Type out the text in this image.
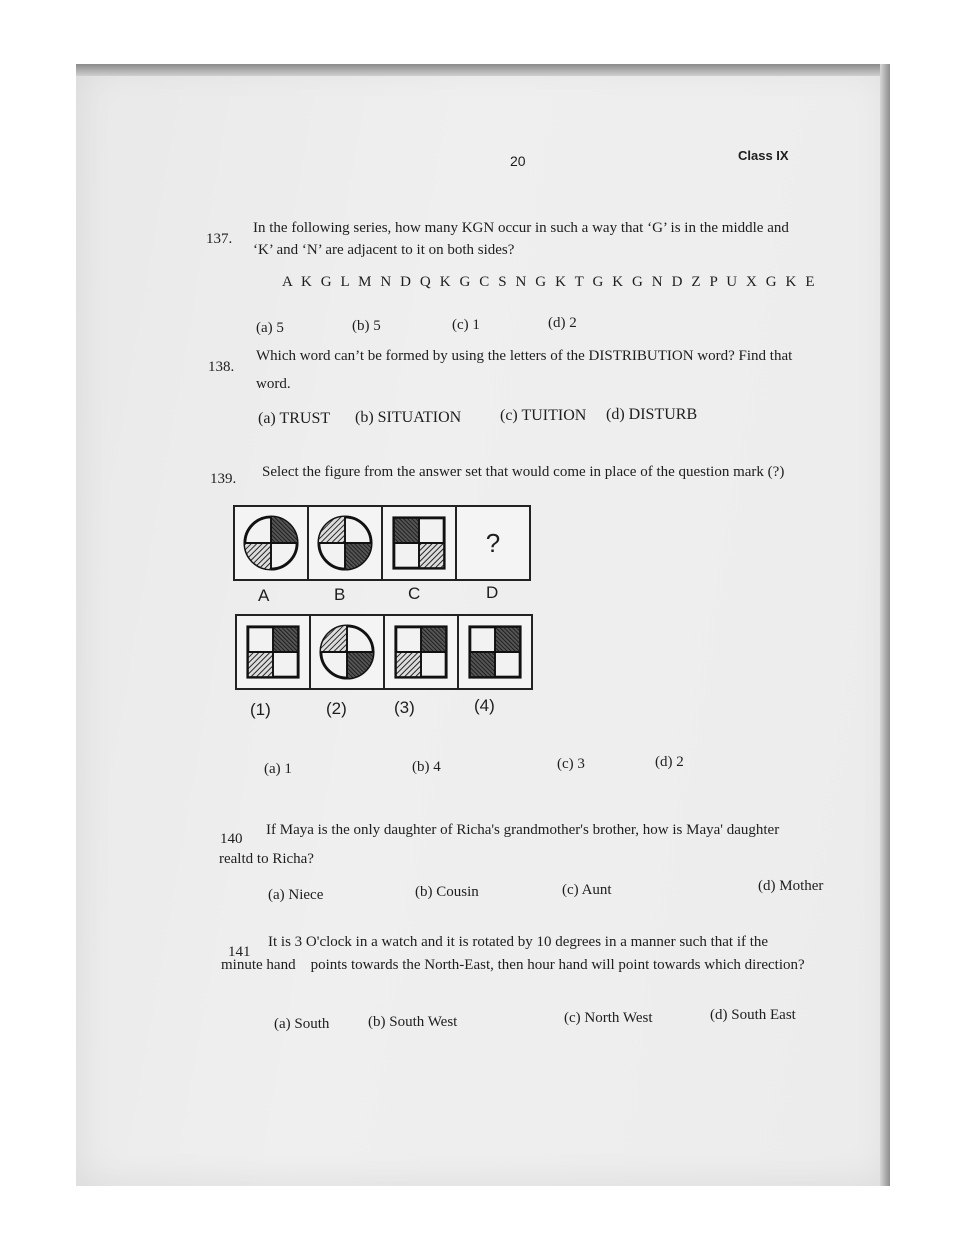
20	Class IX
137.
In the following series, how many KGN occur in such a way that ‘G’ is in the middle and
‘K’ and ‘N’ are adjacent to it on both sides?
A K G L M N D Q K G C S N G K T G K G N D Z P U X G K E
(a) 5	(b) 5	(c) 1	(d) 2
138.
Which word can’t be formed by using the letters of the DISTRIBUTION word? Find that
word.
(a) TRUST (b) SITUATION (c) TUITION (d) DISTURB
139. Select the figure from the answer set that would come in place of the question mark (?)
?
A	B	C	D
(1)	(2)	(3)	(4)
(a) 1	(b) 4	(c) 3	(d) 2
140
If Maya is the only daughter of Richa's grandmother's brother, how is Maya' daughter
realtd to Richa?
(a) Niece	(b) Cousin	(c) Aunt	(d) Mother
141
It is 3 O'clock in a watch and it is rotated by 10 degrees in a manner such that if the
minute hand    points towards the North-East, then hour hand will point towards which direction?
(a) South	(b) South West	(c) North West	(d) South East
